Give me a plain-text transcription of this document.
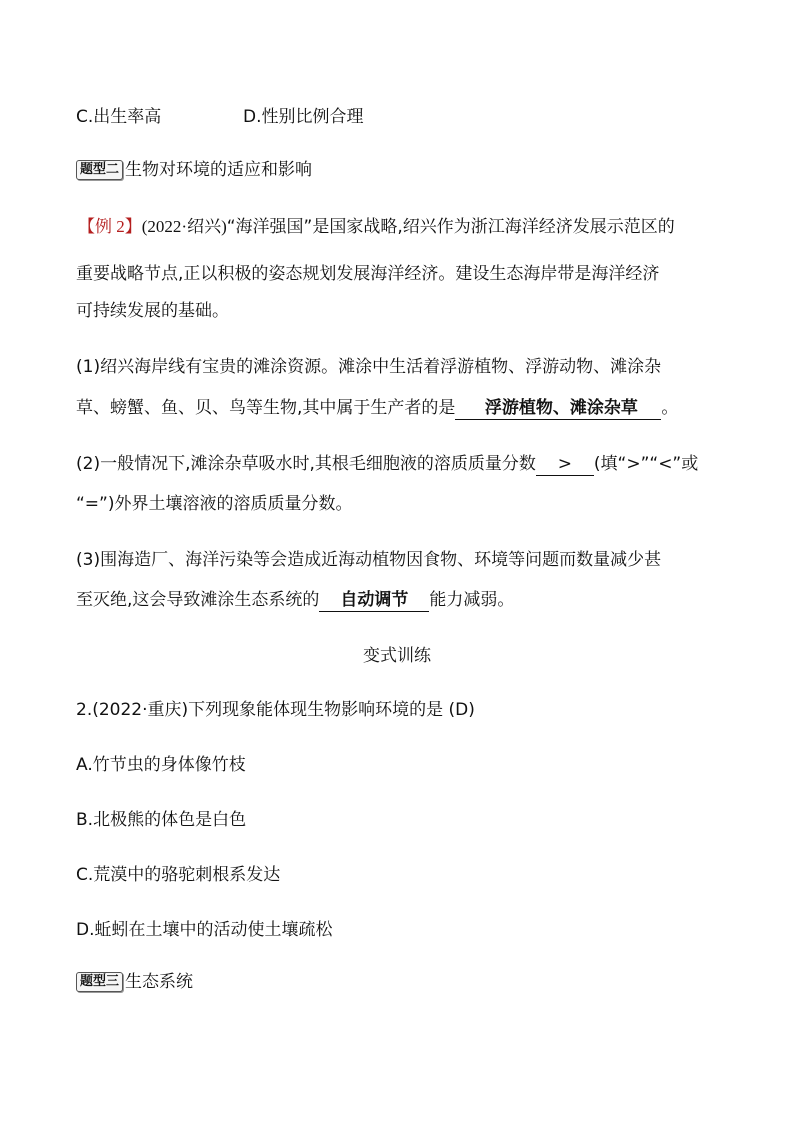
C.出生率高	D.性别比例合理
题型二 生物对环境的适应和影响
【例 2】(2022·绍兴)“海洋强国”是国家战略,绍兴作为浙江海洋经济发展示范区的
重要战略节点,正以积极的姿态规划发展海洋经济。建设生态海岸带是海洋经济
可持续发展的基础。
(1)绍兴海岸线有宝贵的滩涂资源。滩涂中生活着浮游植物、浮游动物、滩涂杂
草、螃蟹、鱼、贝、鸟等生物,其中属于生产者的是 浮游植物、滩涂杂草 。
(2)一般情况下,滩涂杂草吸水时,其根毛细胞液的溶质质量分数 > (填“>”“<”或
“=”)外界土壤溶液的溶质质量分数。
(3)围海造厂、海洋污染等会造成近海动植物因食物、环境等问题而数量减少甚
至灭绝,这会导致滩涂生态系统的 自动调节 能力减弱。
变式训练
2.(2022·重庆)下列现象能体现生物影响环境的是 (D)
A.竹节虫的身体像竹枝
B.北极熊的体色是白色
C.荒漠中的骆驼刺根系发达
D.蚯蚓在土壤中的活动使土壤疏松
题型三 生态系统
